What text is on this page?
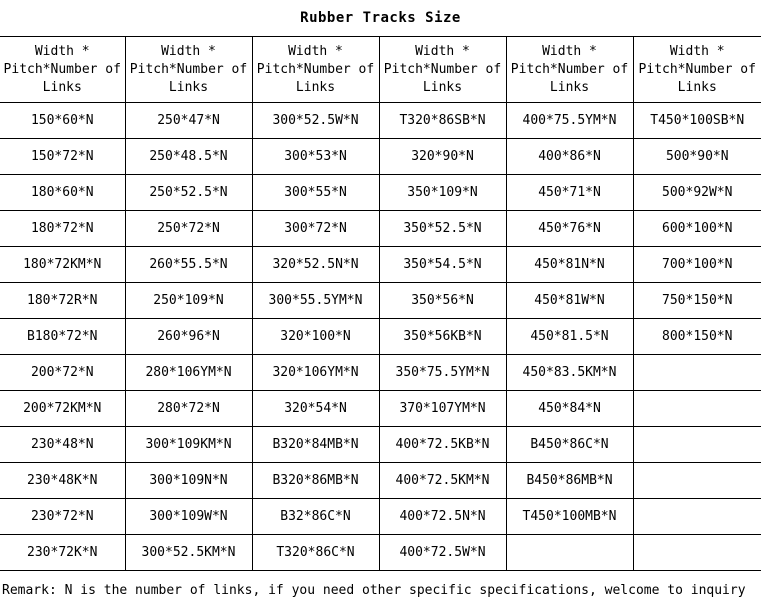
Rubber Tracks Size
Width * Pitch*Number of Links	Width * Pitch*Number of Links	Width * Pitch*Number of Links	Width * Pitch*Number of Links	Width * Pitch*Number of Links	Width * Pitch*Number of Links
150*60*N	250*47*N	300*52.5W*N	T320*86SB*N	400*75.5YM*N	T450*100SB*N
150*72*N	250*48.5*N	300*53*N	320*90*N	400*86*N	500*90*N
180*60*N	250*52.5*N	300*55*N	350*109*N	450*71*N	500*92W*N
180*72*N	250*72*N	300*72*N	350*52.5*N	450*76*N	600*100*N
180*72KM*N	260*55.5*N	320*52.5N*N	350*54.5*N	450*81N*N	700*100*N
180*72R*N	250*109*N	300*55.5YM*N	350*56*N	450*81W*N	750*150*N
B180*72*N	260*96*N	320*100*N	350*56KB*N	450*81.5*N	800*150*N
200*72*N	280*106YM*N	320*106YM*N	350*75.5YM*N	450*83.5KM*N	
200*72KM*N	280*72*N	320*54*N	370*107YM*N	450*84*N	
230*48*N	300*109KM*N	B320*84MB*N	400*72.5KB*N	B450*86C*N	
230*48K*N	300*109N*N	B320*86MB*N	400*72.5KM*N	B450*86MB*N	
230*72*N	300*109W*N	B32*86C*N	400*72.5N*N	T450*100MB*N	
230*72K*N	300*52.5KM*N	T320*86C*N	400*72.5W*N		
Remark: N is the number of links, if you need other specific specifications, welcome to inquiry
